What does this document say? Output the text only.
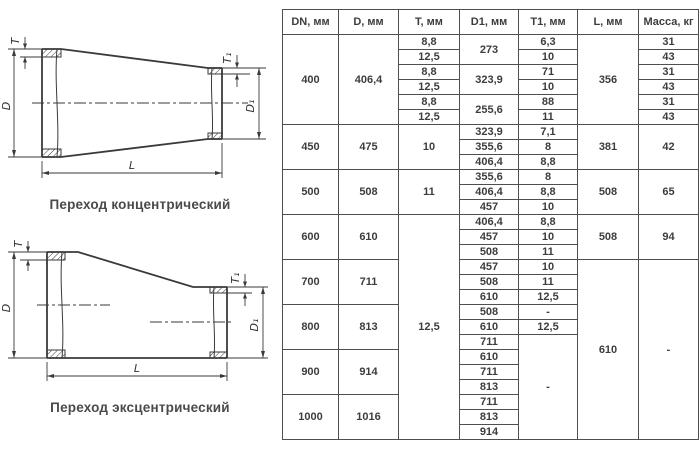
T
D
T₁
D₁
L
Переход концентрический
T
D
T₁
D₁
L
Переход эксцентрический
DN, мм	D, мм	T, мм	D1, мм	T1, мм	L, мм	Масса, кг
400	406,4	8,8	273	6,3	356	31
		12,5		10		43
		8,8	323,9	71		31
		12,5		10		43
		8,8	255,6	88		31
		12,5		11		43
450	475	10	323,9	7,1	381	42
			355,6	8		
			406,4	8,8		
500	508	11	355,6	8	508	65
			406,4	8,8		
			457	10		
600	610	12,5	406,4	8,8	508	94
			457	10		
			508	11		
700	711		457	10	610	-
			508	11		
			610	12,5		
800	813		508	-		
			610	12,5		
			711	-		
900	914		610			
			711			
			813			
1000	1016		711			
			813			
			914			
